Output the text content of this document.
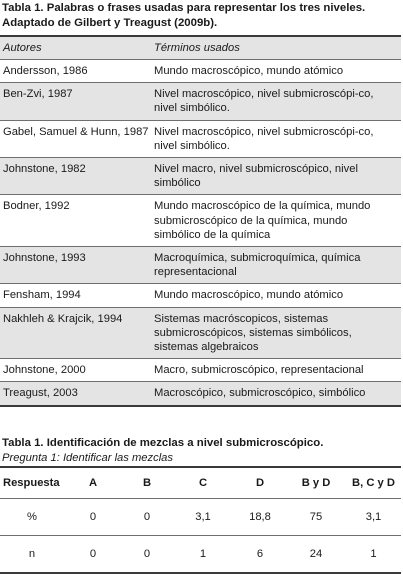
Tabla 1. Palabras o frases usadas para representar los tres niveles. Adaptado de Gilbert y Treagust (2009b).
Autores	Términos usados
Andersson, 1986	Mundo macroscópico, mundo atómico
Ben-Zvi, 1987	Nivel macroscópico, nivel submicroscópi-co, nivel simbólico.
Gabel, Samuel & Hunn, 1987 Nivel macroscópico, nivel submicroscópi-co, nivel simbólico.
Johnstone, 1982	Nivel macro, nivel submicroscópico, nivel simbólico
Bodner, 1992	Mundo macroscópico de la química, mundo submicroscópico de la química, mundo simbólico de la química
Johnstone, 1993	Macroquímica, submicroquímica, química representacional
Fensham, 1994	Mundo macroscópico, mundo atómico
Nakhleh & Krajcik, 1994	Sistemas macróscopicos, sistemas submicroscópicos, sistemas simbólicos, sistemas algebraicos
Johnstone, 2000	Macro, submicroscópico, representacional
Treagust, 2003	Macroscópico, submicroscópico, simbólico
Tabla 1. Identificación de mezclas a nivel submicroscópico.
Pregunta 1: Identificar las mezclas
Respuesta	A	B	C	D	B y D	B, C y D
%	0	0	3,1	18,8	75	3,1
n	0	0	1	6	24	1
